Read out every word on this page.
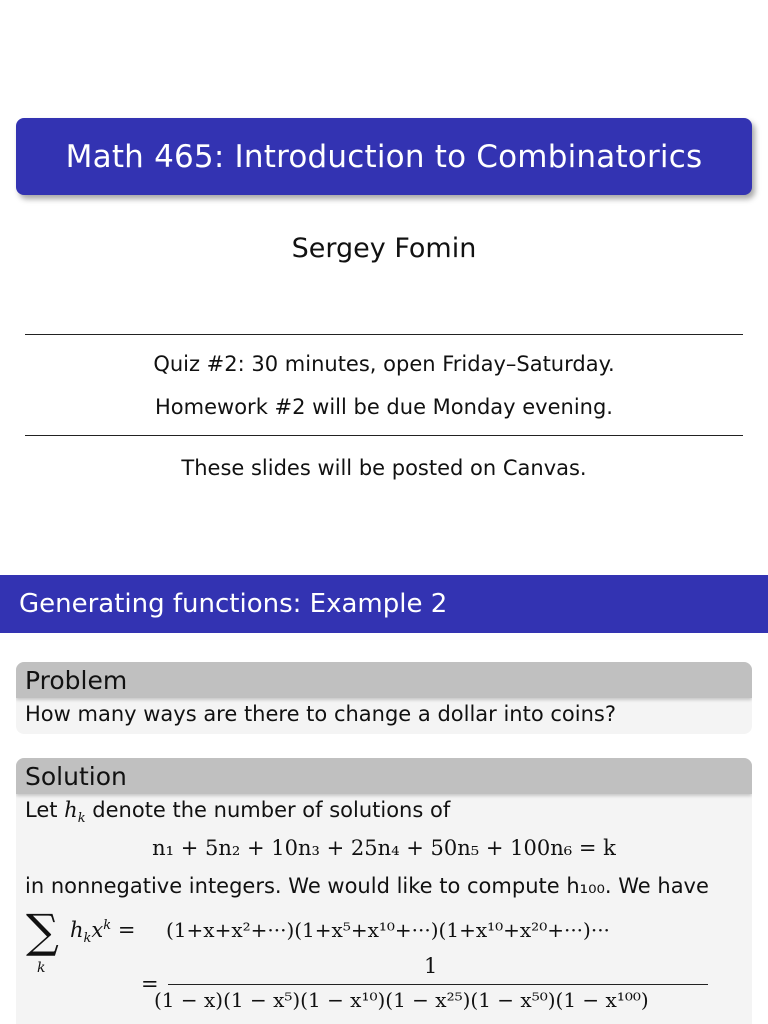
Math 465: Introduction to Combinatorics
Sergey Fomin
Quiz #2: 30 minutes, open Friday–Saturday.
Homework #2 will be due Monday evening.
These slides will be posted on Canvas.
Generating functions: Example 2
Problem
How many ways are there to change a dollar into coins?
Solution
Let $h_k$ denote the number of solutions of
n₁ + 5n₂ + 10n₃ + 25n₄ + 50n₅ + 100n₆ = k
in nonnegative integers. We would like to compute h₁₀₀. We have
∑
k
$h_kx^k = (1+x+x^2+\cdot\cdot\cdot)(1+x^5+x^{10}+\cdot\cdot\cdot)(1+x^{10}+x^{20}+\cdot\cdot\cdot)\cdot\cdot\cdot$
=
1
(1 − x)(1 − x⁵)(1 − x¹⁰)(1 − x²⁵)(1 − x⁵⁰)(1 − x¹⁰⁰)
